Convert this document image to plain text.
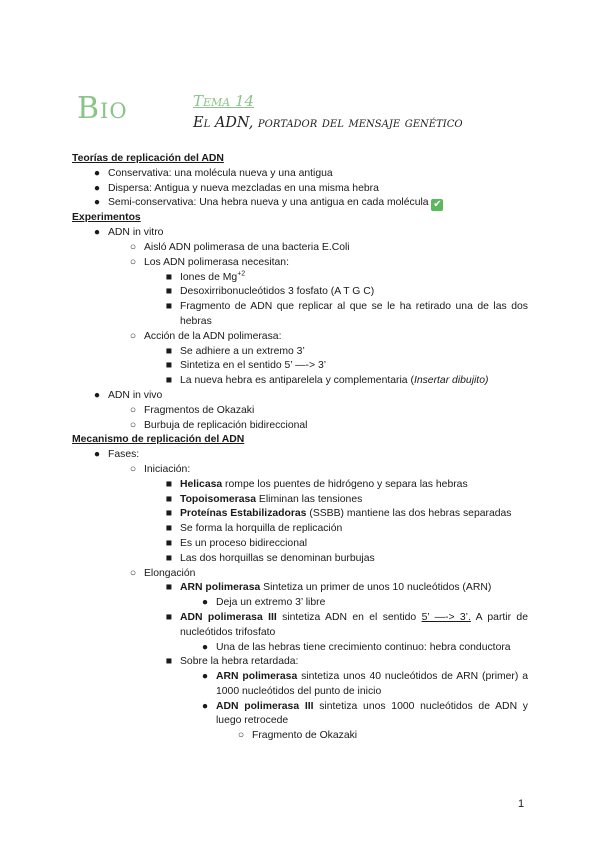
Bio	Tema 14
El ADN, portador del mensaje genético
Teorías de replicación del ADN
● Conservativa: una molécula nueva y una antigua
● Dispersa: Antigua y nueva mezcladas en una misma hebra
● Semi-conservativa: Una hebra nueva y una antigua en cada molécula ✔
Experimentos
● ADN in vitro
○ Aisló ADN polimerasa de una bacteria E.Coli
○ Los ADN polimerasa necesitan:
■ Iones de $Mg^{+2}$
■ Desoxirribonucleótidos 3 fosfato (A T G C)
■ Fragmento de ADN que replicar al que se le ha retirado una de las dos hebras
○ Acción de la ADN polimerasa:
■ Se adhiere a un extremo 3’
■ Sintetiza en el sentido 5’ —-> 3’
■ La nueva hebra es antiparelela y complementaria (Insertar dibujito)
● ADN in vivo
○ Fragmentos de Okazaki
○ Burbuja de replicación bidireccional
Mecanismo de replicación del ADN
● Fases:
○ Iniciación:
■ Helicasa rompe los puentes de hidrógeno y separa las hebras
■ Topoisomerasa Eliminan las tensiones
■ Proteínas Estabilizadoras (SSBB) mantiene las dos hebras separadas
■ Se forma la horquilla de replicación
■ Es un proceso bidireccional
■ Las dos horquillas se denominan burbujas
○ Elongación
■ ARN polimerasa Sintetiza un primer de unos 10 nucleótidos (ARN)
● Deja un extremo 3’ libre
■ ADN polimerasa III sintetiza ADN en el sentido 5’ —-> 3’. A partir de nucleótidos trifosfato
● Una de las hebras tiene crecimiento continuo: hebra conductora
■ Sobre la hebra retardada:
● ARN polimerasa sintetiza unos 40 nucleótidos de ARN (primer) a 1000 nucleótidos del punto de inicio
● ADN polimerasa III sintetiza unos 1000 nucleótidos de ADN y luego retrocede
○ Fragmento de Okazaki
1
